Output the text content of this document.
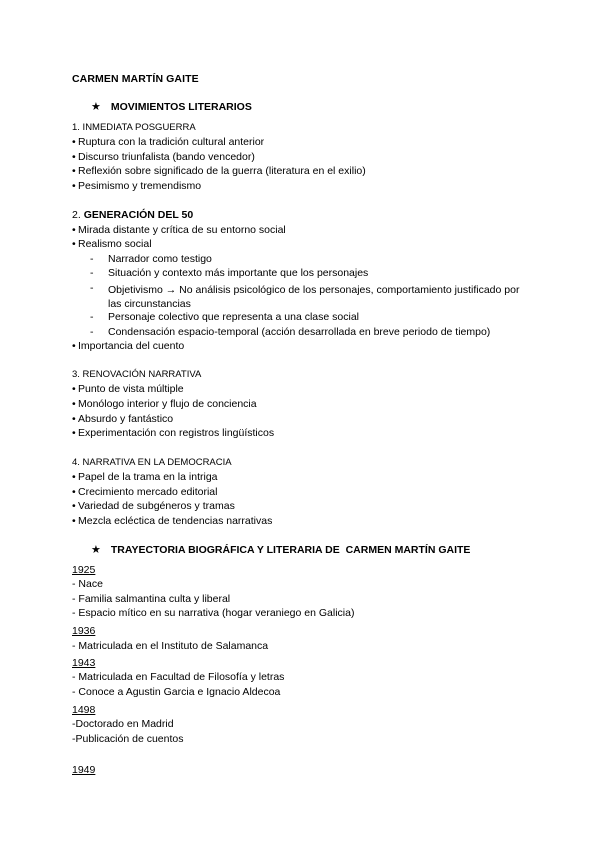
CARMEN MARTÍN GAITE
★ MOVIMIENTOS LITERARIOS
1. INMEDIATA POSGUERRA
• Ruptura con la tradición cultural anterior
• Discurso triunfalista (bando vencedor)
• Reflexión sobre significado de la guerra (literatura en el exilio)
• Pesimismo y tremendismo
2. GENERACIÓN DEL 50
• Mirada distante y crítica de su entorno social
• Realismo social
- Narrador como testigo
- Situación y contexto más importante que los personajes
-	Objetivismo → No análisis psicológico de los personajes, comportamiento justificado por las circunstancias
- Personaje colectivo que representa a una clase social
- Condensación espacio-temporal (acción desarrollada en breve periodo de tiempo)
• Importancia del cuento
3. RENOVACIÓN NARRATIVA
• Punto de vista múltiple
• Monólogo interior y flujo de conciencia
• Absurdo y fantástico
• Experimentación con registros lingüísticos
4. NARRATIVA EN LA DEMOCRACIA
• Papel de la trama en la intriga
• Crecimiento mercado editorial
• Variedad de subgéneros y tramas
• Mezcla ecléctica de tendencias narrativas
★ TRAYECTORIA BIOGRÁFICA Y LITERARIA DE  CARMEN MARTÍN GAITE
1925
- Nace
- Familia salmantina culta y liberal
- Espacio mítico en su narrativa (hogar veraniego en Galicia)
1936
- Matriculada en el Instituto de Salamanca
1943
- Matriculada en Facultad de Filosofía y letras
- Conoce a Agustin Garcia e Ignacio Aldecoa
1498
-Doctorado en Madrid
-Publicación de cuentos
1949
